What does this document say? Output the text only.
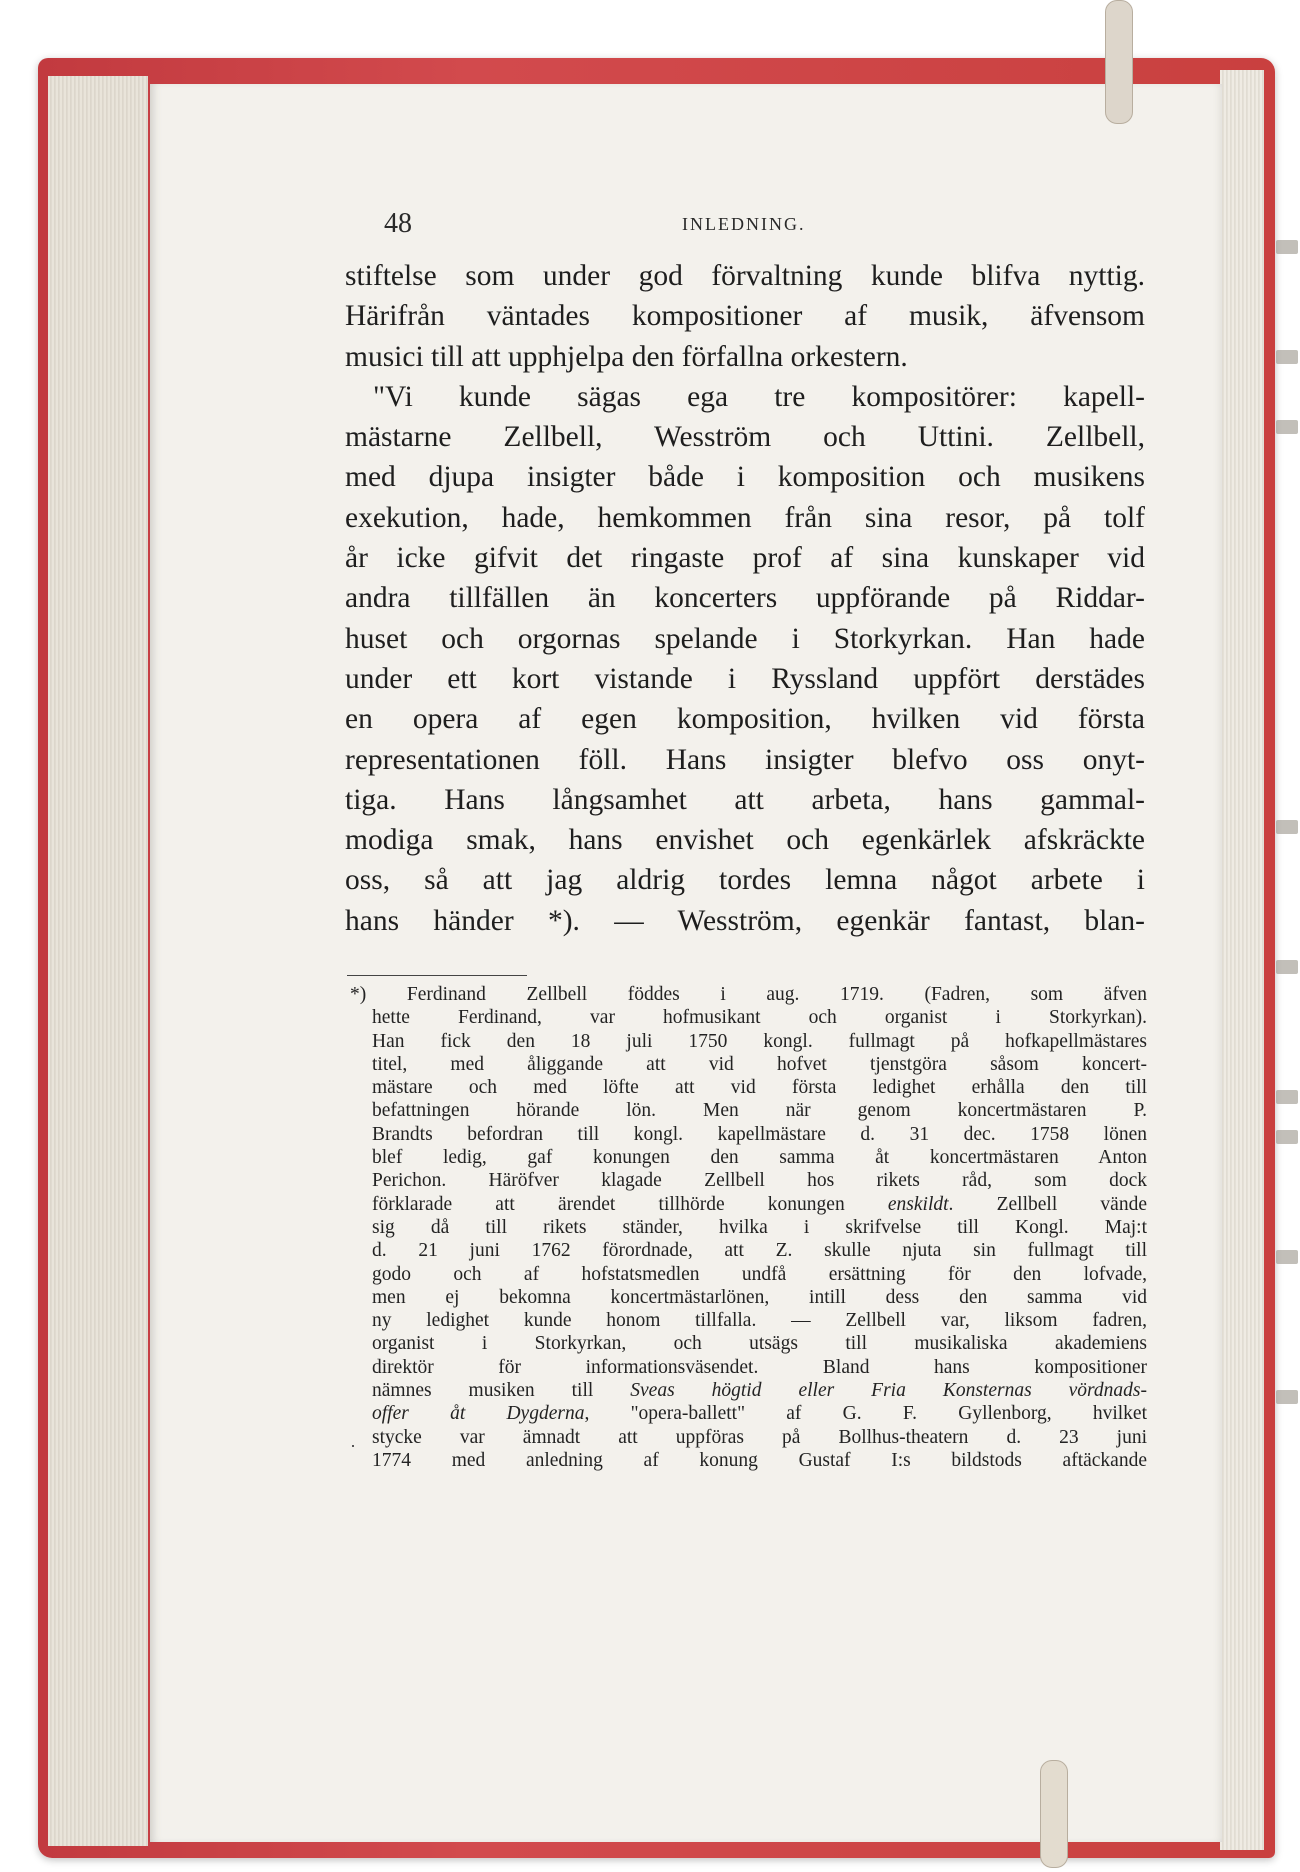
48	INLEDNING.
stiftelse som under god förvaltning kunde blifva nyttig.
Härifrån väntades kompositioner af musik, äfvensom
musici till att upphjelpa den förfallna orkestern.
"Vi kunde sägas ega tre kompositörer: kapell-
mästarne Zellbell, Wesström och Uttini. Zellbell,
med djupa insigter både i komposition och musikens
exekution, hade, hemkommen från sina resor, på tolf
år icke gifvit det ringaste prof af sina kunskaper vid
andra tillfällen än koncerters uppförande på Riddar-
huset och orgornas spelande i Storkyrkan. Han hade
under ett kort vistande i Ryssland uppfört derstädes
en opera af egen komposition, hvilken vid första
representationen föll. Hans insigter blefvo oss onyt-
tiga. Hans långsamhet att arbeta, hans gammal-
modiga smak, hans envishet och egenkärlek afskräckte
oss, så att jag aldrig tordes lemna något arbete i
hans händer *). — Wesström, egenkär fantast, blan-
*) Ferdinand Zellbell föddes i aug. 1719. (Fadren, som äfven
hette Ferdinand, var hofmusikant och organist i Storkyrkan).
Han fick den 18 juli 1750 kongl. fullmagt på hofkapellmästares
titel, med åliggande att vid hofvet tjenstgöra såsom koncert-
mästare och med löfte att vid första ledighet erhålla den till
befattningen hörande lön. Men när genom koncertmästaren P.
Brandts befordran till kongl. kapellmästare d. 31 dec. 1758 lönen
blef ledig, gaf konungen den samma åt koncertmästaren Anton
Perichon. Häröfver klagade Zellbell hos rikets råd, som dock
förklarade att ärendet tillhörde konungen enskildt. Zellbell vände
sig då till rikets ständer, hvilka i skrifvelse till Kongl. Maj:t
d. 21 juni 1762 förordnade, att Z. skulle njuta sin fullmagt till
godo och af hofstatsmedlen undfå ersättning för den lofvade,
men ej bekomna koncertmästarlönen, intill dess den samma vid
ny ledighet kunde honom tillfalla. — Zellbell var, liksom fadren,
organist i Storkyrkan, och utsägs till musikaliska akademiens
direktör för informationsväsendet. Bland hans kompositioner
nämnes musiken till Sveas högtid eller Fria Konsternas vördnads-
offer åt Dygderna, "opera-ballett" af G. F. Gyllenborg, hvilket
stycke var ämnadt att uppföras på Bollhus-theatern d. 23 juni
1774 med anledning af konung Gustaf I:s bildstods aftäckande
